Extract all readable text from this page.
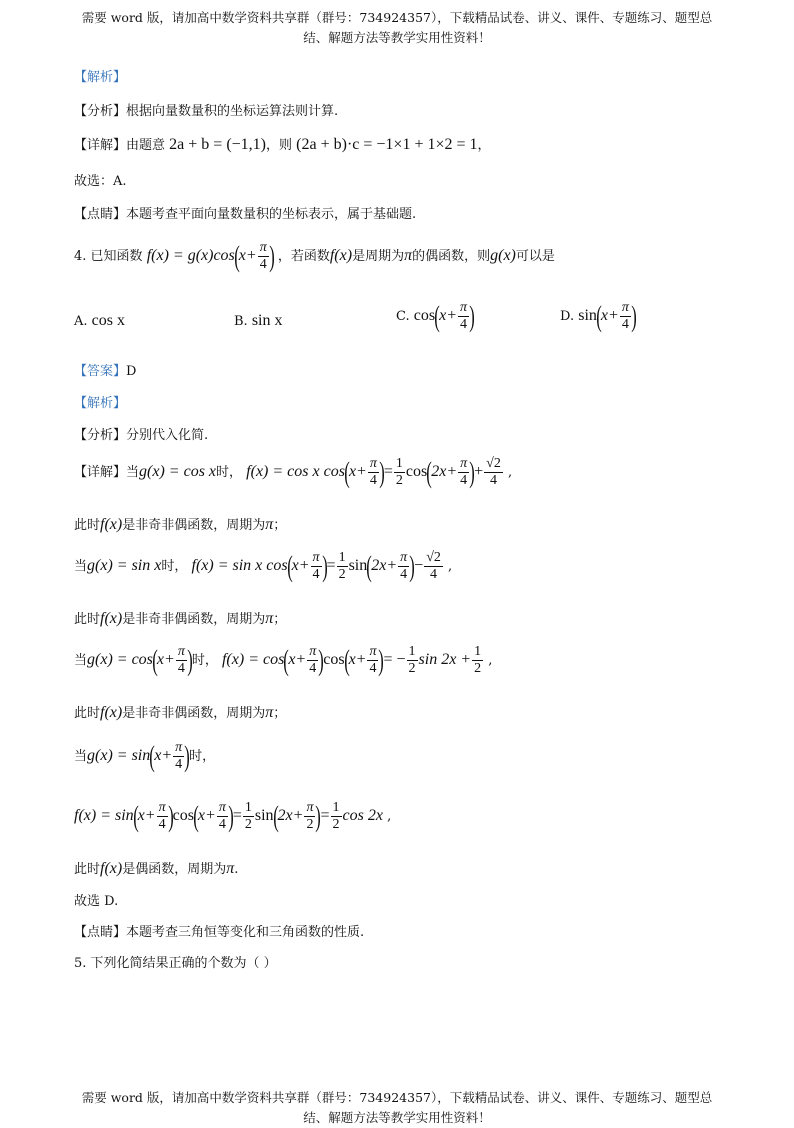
需要 word 版，请加高中数学资料共享群（群号：734924357），下载精品试卷、讲义、课件、专题练习、题型总
结、解题方法等教学实用性资料！
【解析】
【分析】根据向量数量积的坐标运算法则计算.
【详解】由题意 2a + b = (−1,1)，则 (2a + b)·c = −1×1 + 1×2 = 1，
故选：A.
【点睛】本题考查平面向量数量积的坐标表示，属于基础题.
4. 已知函数 $f(x) = g(x)\cos(x+ \frac{\pi}{4}$ ) ，若函数f(x)是周期为π的偶函数，则g(x)可以是
A. cos x	B. sin x	C. $\cos(x+ \frac{\pi}{4}$ )	D. $\sin(x+ \frac{\pi}{4}$ )
【答案】D
【解析】
【分析】分别代入化简.
【详解】当g(x) = cos x时， f(x) = cos x $\cos(x+ \frac{\pi}{4}$ )= $\frac{1}{2} \cos(2x+ \frac{\pi}{4}$ )+ $\frac{√2}{4}$ ,
此时f(x)是非奇非偶函数，周期为π；
当g(x) = sin x时， f(x) = sin x $\cos(x+ \frac{\pi}{4}$ )= $\frac{1}{2} \sin(2x+ \frac{\pi}{4}$ )− $\frac{√2}{4}$ ,
此时f(x)是非奇非偶函数，周期为π；
当$g(x) = \cos(x+ \frac{\pi}{4}$ )时， $f(x) = \cos(x+ \frac{\pi}{4} )\cos(x+ \frac{\pi}{4}$ )= − $\frac{1}{2}$ $\sin 2x + \frac{1}{2}$ ,
此时f(x)是非奇非偶函数，周期为π；
当$g(x) = \sin(x+ \frac{\pi}{4}$ )时，
$f(x) = \sin(x+ \frac{\pi}{4} )\cos(x+ \frac{\pi}{4}$ )= $\frac{1}{2} \sin(2x+ \frac{\pi}{2}$ )= $\frac{1}{2}$ cos 2x ,
此时f(x)是偶函数，周期为π.
故选 D.
【点睛】本题考查三角恒等变化和三角函数的性质.
5. 下列化简结果正确的个数为（ ）
需要 word 版，请加高中数学资料共享群（群号：734924357），下载精品试卷、讲义、课件、专题练习、题型总
结、解题方法等教学实用性资料！
